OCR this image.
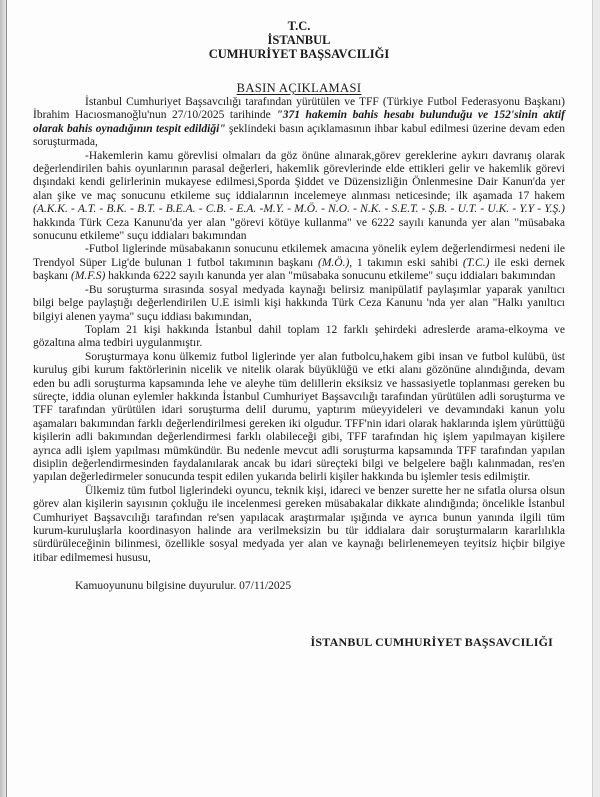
T.C.
İSTANBUL
CUMHURİYET BAŞSAVCILIĞI
BASIN AÇIKLAMASI

İstanbul Cumhuriyet Başsavcılığı tarafından yürütülen ve TFF (Türkiye Futbol Federasyonu Başkanı) İbrahim Hacıosmanoğlu'nun 27/10/2025 tarihinde "371 hakemin bahis hesabı bulunduğu ve 152'sinin aktif olarak bahis oynadığının tespit edildiği" şeklindeki basın açıklamasının ihbar kabul edilmesi üzerine devam eden soruşturmada,

-Hakemlerin kamu görevlisi olmaları da göz önüne alınarak,görev gereklerine aykırı davranış olarak değerlendirilen bahis oyunlarının parasal değerleri, hakemlik görevlerinde elde ettikleri gelir ve hakemlik görevi dışındaki kendi gelirlerinin mukayese edilmesi,Sporda Şiddet ve Düzensizliğin Önlenmesine Dair Kanun'da yer alan şike ve maç sonucunu etkileme suç iddialarının incelemeye alınması neticesinde; ilk aşamada 17 hakem (A.K.K. - A.T. - B.K. - B.T. - B.E.A. - C.B. - E.A. -M.Y. - M.Ö. - N.O. - N.K. - S.E.T. - Ş.B. - U.T. - U.K. - Y.Y - Y.Ş.) hakkında Türk Ceza Kanunu'da yer alan "görevi kötüye kullanma" ve 6222 sayılı kanunda yer alan "müsabaka sonucunu etkileme" suçu iddiaları bakımından

-Futbol liglerinde müsabakanın sonucunu etkilemek amacına yönelik eylem değerlendirmesi nedeni ile Trendyol Süper Lig'de bulunan 1 futbol takımının başkanı (M.Ö.), 1 takımın eski sahibi (T.C.) ile eski dernek başkanı (M.F.S) hakkında 6222 sayılı kanunda yer alan "müsabaka sonucunu etkileme" suçu iddiaları bakımından

-Bu soruşturma sırasında sosyal medyada kaynağı belirsiz manipülatif paylaşımlar yaparak yanıltıcı bilgi belge paylaştığı değerlendirilen U.E isimli kişi hakkında Türk Ceza Kanunu 'nda yer alan "Halkı yanıltıcı bilgiyi alenen yayma" suçu iddiası bakımından,

Toplam 21 kişi hakkında İstanbul dahil toplam 12 farklı şehirdeki adreslerde arama-elkoyma ve gözaltına alma tedbiri uygulanmıştır.

Soruşturmaya konu ülkemiz futbol liglerinde yer alan futbolcu,hakem gibi insan ve futbol kulübü, üst kuruluş gibi kurum faktörlerinin nicelik ve nitelik olarak büyüklüğü ve etki alanı gözönüne alındığında, devam eden bu adli soruşturma kapsamında lehe ve aleyhe tüm delillerin eksiksiz ve hassasiyetle toplanması gereken bu süreçte, iddia olunan eylemler hakkında İstanbul Cumhuriyet Başsavcılığı tarafından yürütülen adli soruşturma ve TFF tarafından yürütülen idari soruşturma delil durumu, yaptırım müeyyideleri ve devamındaki kanun yolu aşamaları bakımından farklı değerlendirilmesi gereken iki olgudur. TFF'nin idari olarak haklarında işlem yürüttüğü kişilerin adli bakımından değerlendirmesi farklı olabileceği gibi, TFF tarafından hiç işlem yapılmayan kişilere ayrıca adli işlem yapılması mümkündür. Bu nedenle mevcut adli soruşturma kapsamında TFF tarafından yapılan disiplin değerlendirmesinden faydalanılarak ancak bu idari süreçteki bilgi ve belgelere bağlı kalınmadan, res'en yapılan değerledirmeler sonucunda tespit edilen yukarıda belirli kişiler hakkında bu işlemler tesis edilmiştir.

Ülkemiz tüm futbol liglerindeki oyuncu, teknik kişi, idareci ve benzer surette her ne sıfatla olursa olsun görev alan kişilerin sayısının çokluğu ile incelenmesi gereken müsabakalar dikkate alındığında; öncelikle İstanbul Cumhuriyet Başsavcılığı tarafından re'sen yapılacak araştırmalar ışığında ve ayrıca bunun yanında ilgili tüm kurum-kuruluşlarla koordinasyon halinde ara verilmeksizin bu tür iddialara dair soruşturmaların kararlılıkla sürdürüleceğinin bilinmesi, özellikle sosyal medyada yer alan ve kaynağı belirlenemeyen teyitsiz hiçbir bilgiye itibar edilmemesi hususu,

Kamuoyununu bilgisine duyurulur. 07/11/2025

İSTANBUL CUMHURİYET BAŞSAVCILIĞI
